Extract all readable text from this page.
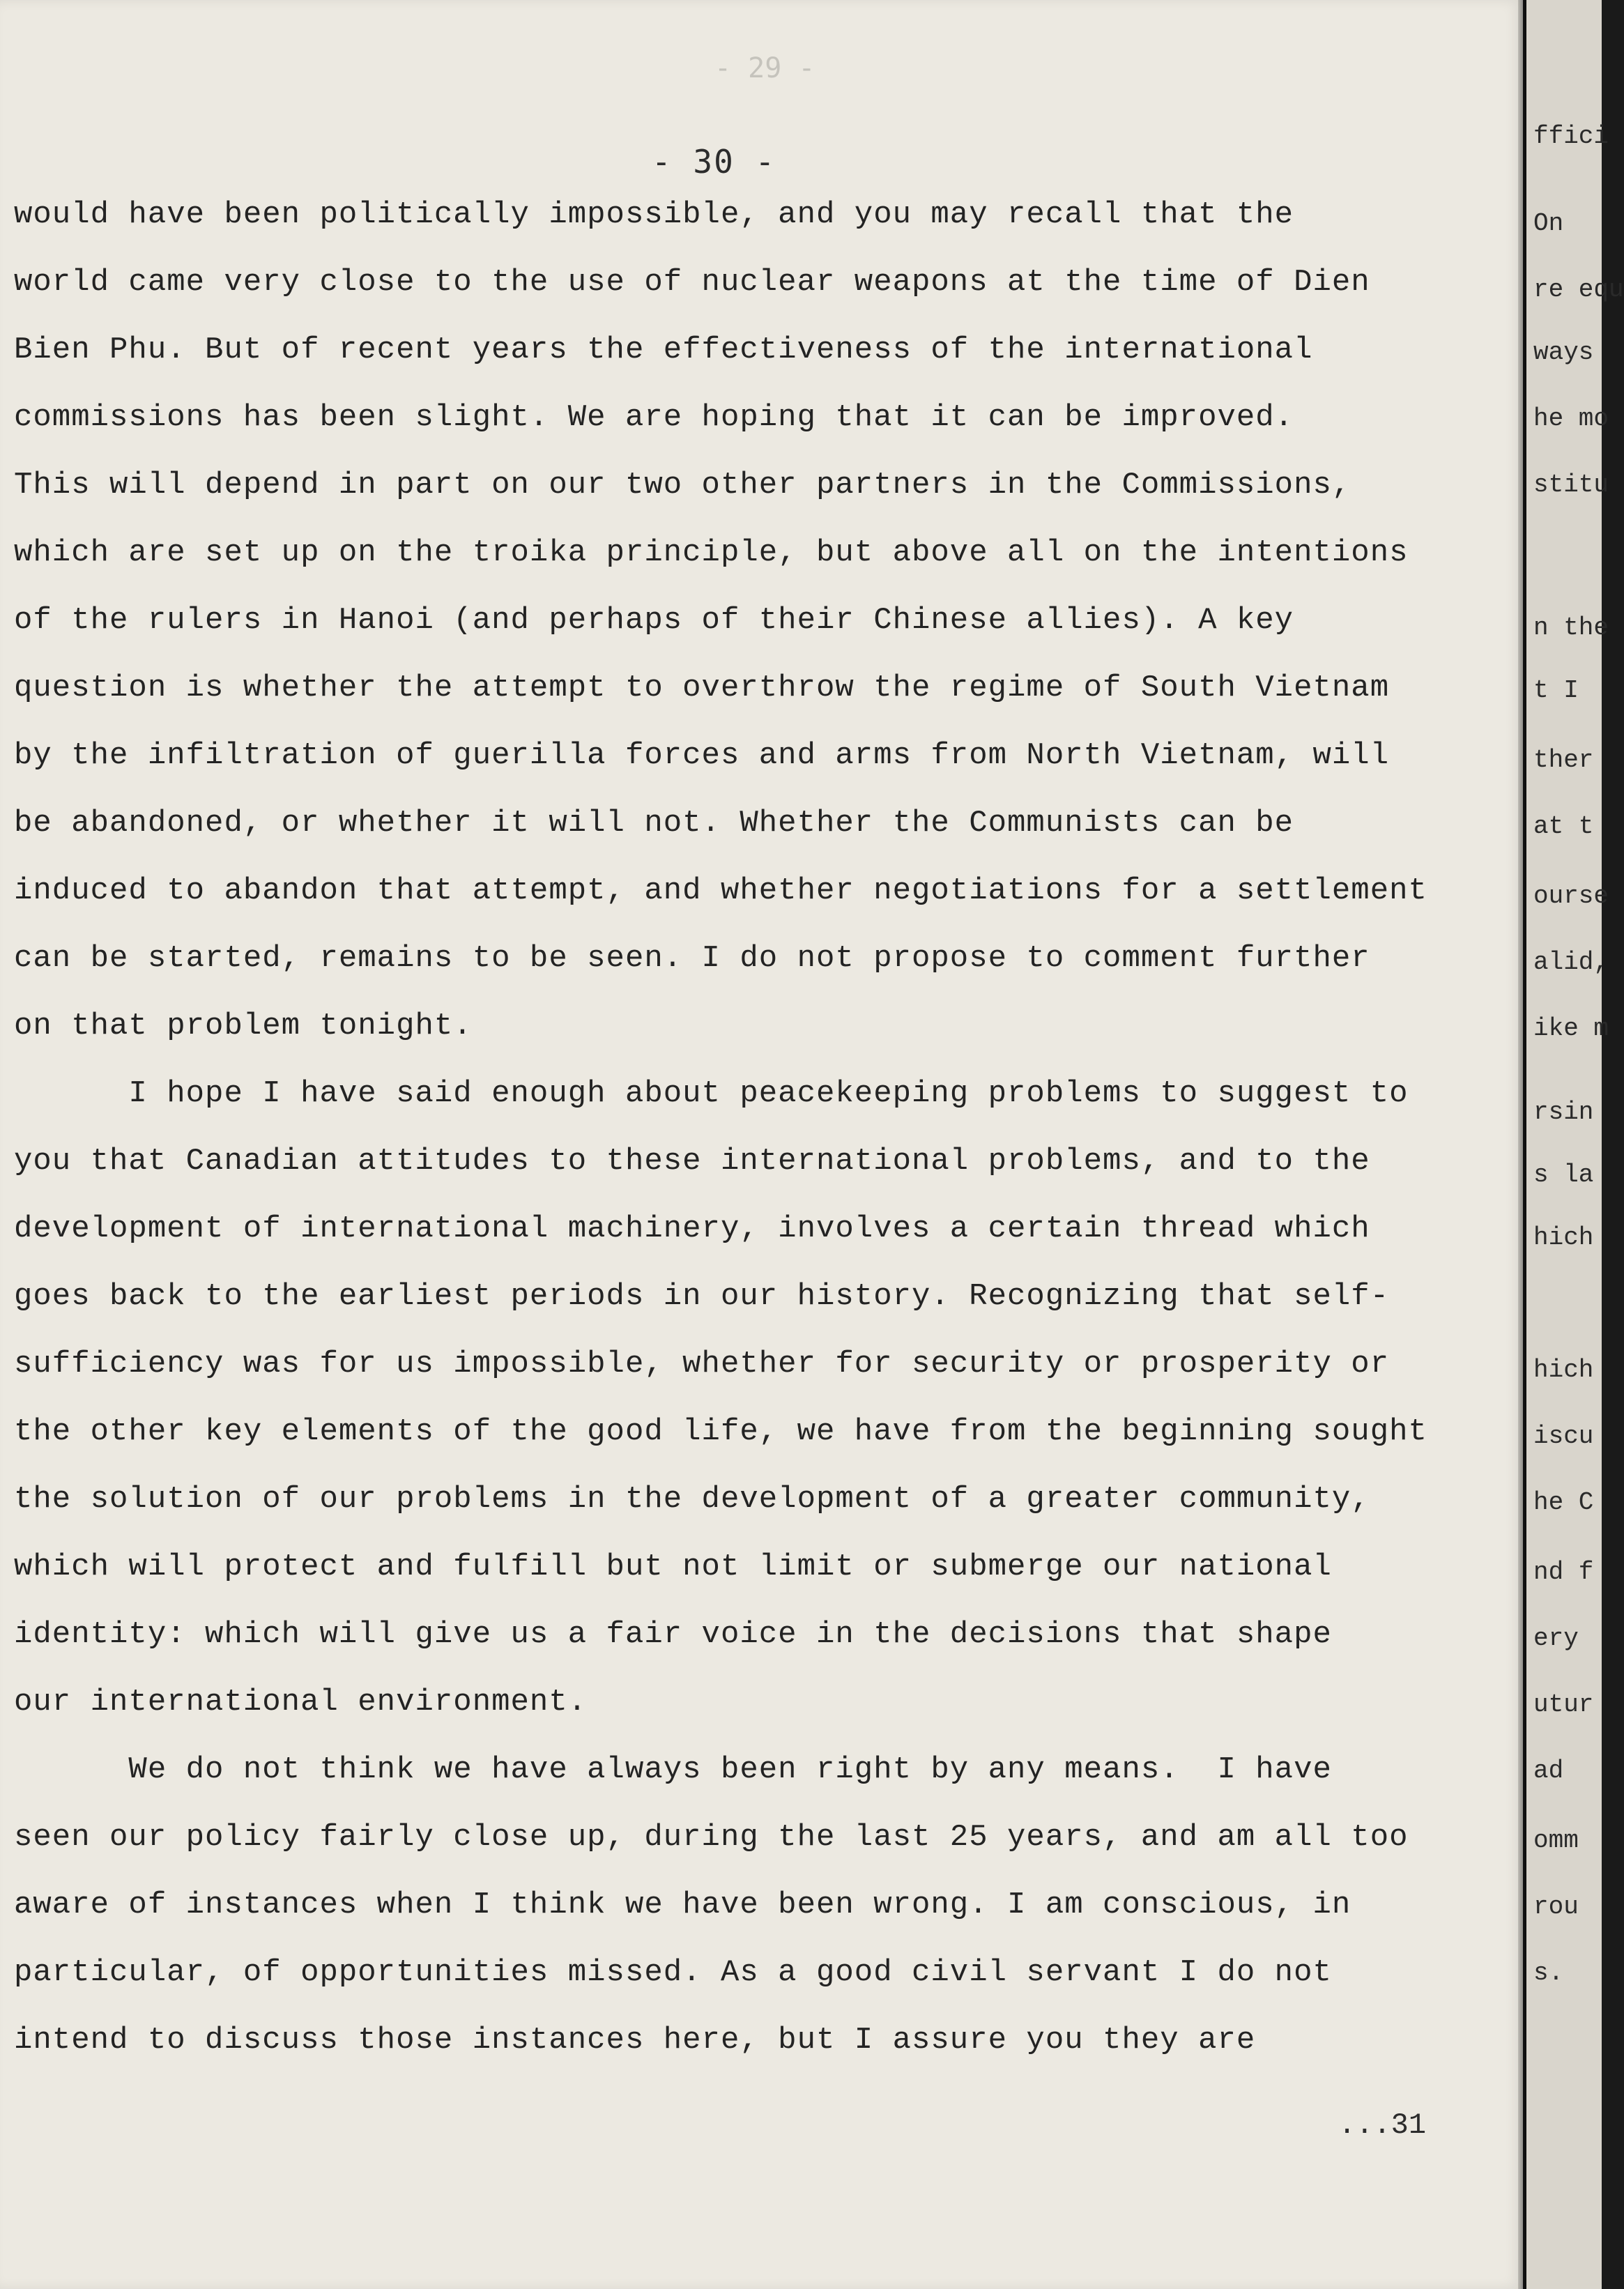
- 29 -
- 30 -
would have been politically impossible, and you may recall that the
world came very close to the use of nuclear weapons at the time of Dien
Bien Phu. But of recent years the effectiveness of the international
commissions has been slight. We are hoping that it can be improved.
This will depend in part on our two other partners in the Commissions,
which are set up on the troika principle, but above all on the intentions
of the rulers in Hanoi (and perhaps of their Chinese allies). A key
question is whether the attempt to overthrow the regime of South Vietnam
by the infiltration of guerilla forces and arms from North Vietnam, will
be abandoned, or whether it will not. Whether the Communists can be
induced to abandon that attempt, and whether negotiations for a settlement
can be started, remains to be seen. I do not propose to comment further
on that problem tonight.
I hope I have said enough about peacekeeping problems to suggest to
you that Canadian attitudes to these international problems, and to the
development of international machinery, involves a certain thread which
goes back to the earliest periods in our history. Recognizing that self-
sufficiency was for us impossible, whether for security or prosperity or
the other key elements of the good life, we have from the beginning sought
the solution of our problems in the development of a greater community,
which will protect and fulfill but not limit or submerge our national
identity: which will give us a fair voice in the decisions that shape
our international environment.
We do not think we have always been right by any means.  I have
seen our policy fairly close up, during the last 25 years, and am all too
aware of instances when I think we have been wrong. I am conscious, in
particular, of opportunities missed. As a good civil servant I do not
intend to discuss those instances here, but I assure you they are
...31
ffici
On
re equ
ways
he mo
stitu
n the
t I
ther
at t
ourse
alid,
ike m
rsin
s la
hich
hich
iscu
he C
nd f
ery
utur
ad
omm
rou
s.
